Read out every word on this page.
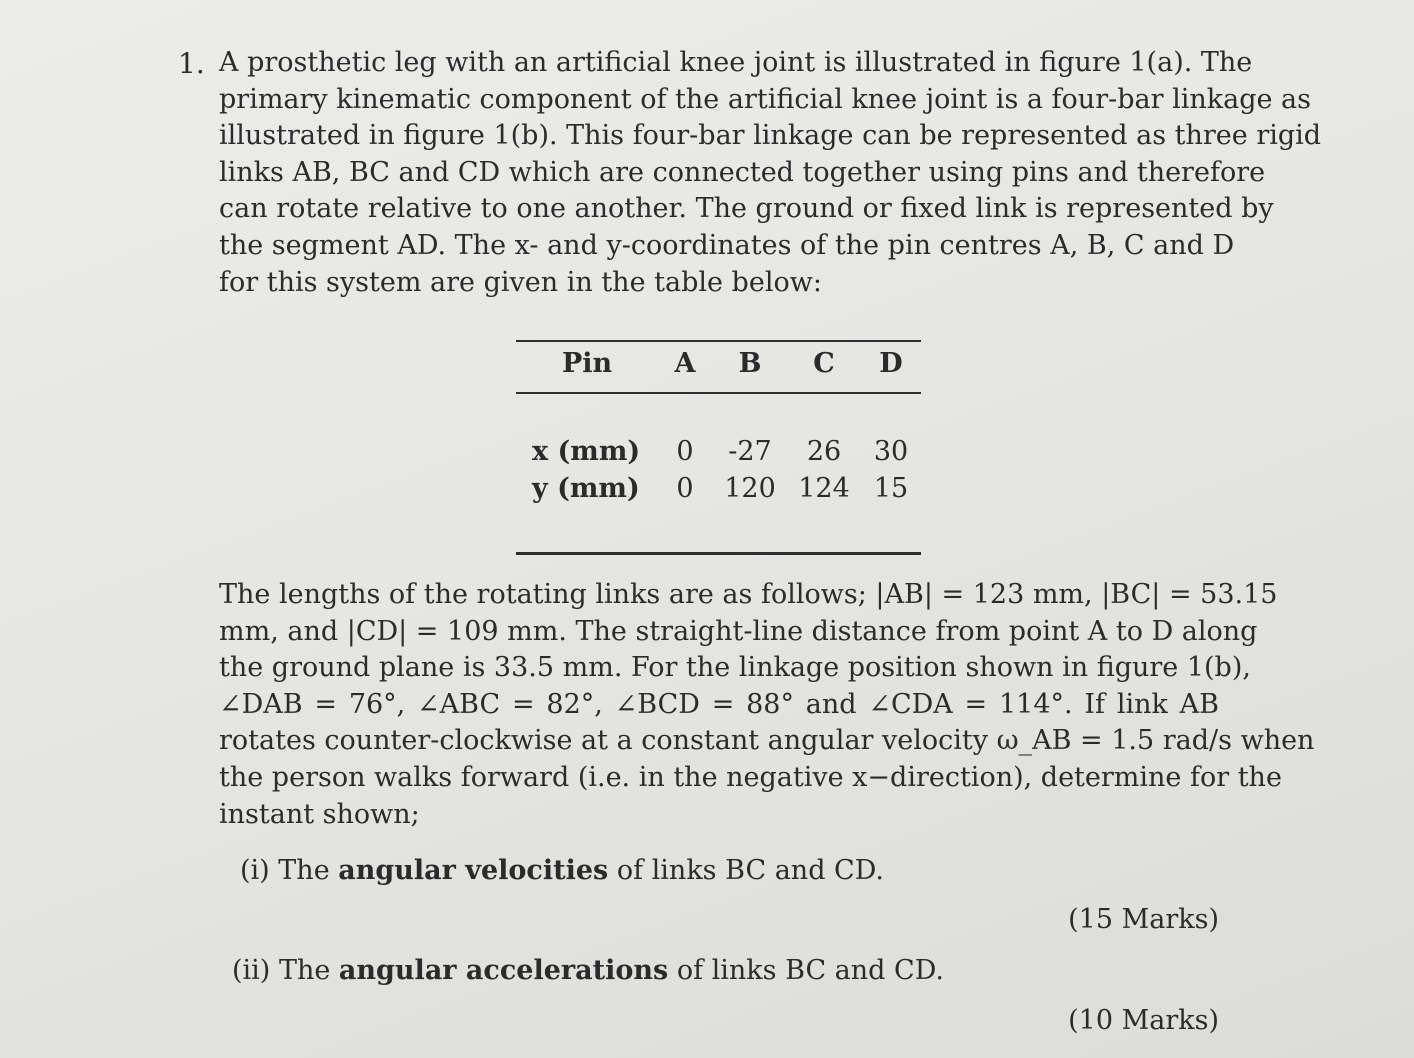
1. A prosthetic leg with an artificial knee joint is illustrated in figure 1(a). The
primary kinematic component of the artificial knee joint is a four-bar linkage as
illustrated in figure 1(b). This four-bar linkage can be represented as three rigid
links AB, BC and CD which are connected together using pins and therefore
can rotate relative to one another. The ground or fixed link is represented by
the segment AD. The x- and y-coordinates of the pin centres A, B, C and D
for this system are given in the table below:
Pin	A	B	C	D
x (mm)	0	-27	26	30
y (mm)	0	120 124 15
The lengths of the rotating links are as follows; |AB| = 123 mm, |BC| = 53.15
mm, and |CD| = 109 mm. The straight-line distance from point A to D along
the ground plane is 33.5 mm. For the linkage position shown in figure 1(b),
∠DAB = 76°, ∠ABC = 82°, ∠BCD = 88° and ∠CDA = 114°. If link AB
rotates counter-clockwise at a constant angular velocity ω_AB = 1.5 rad/s when
the person walks forward (i.e. in the negative x−direction), determine for the
instant shown;
(i) The angular velocities of links BC and CD.
(15 Marks)
(ii) The angular accelerations of links BC and CD.
(10 Marks)
